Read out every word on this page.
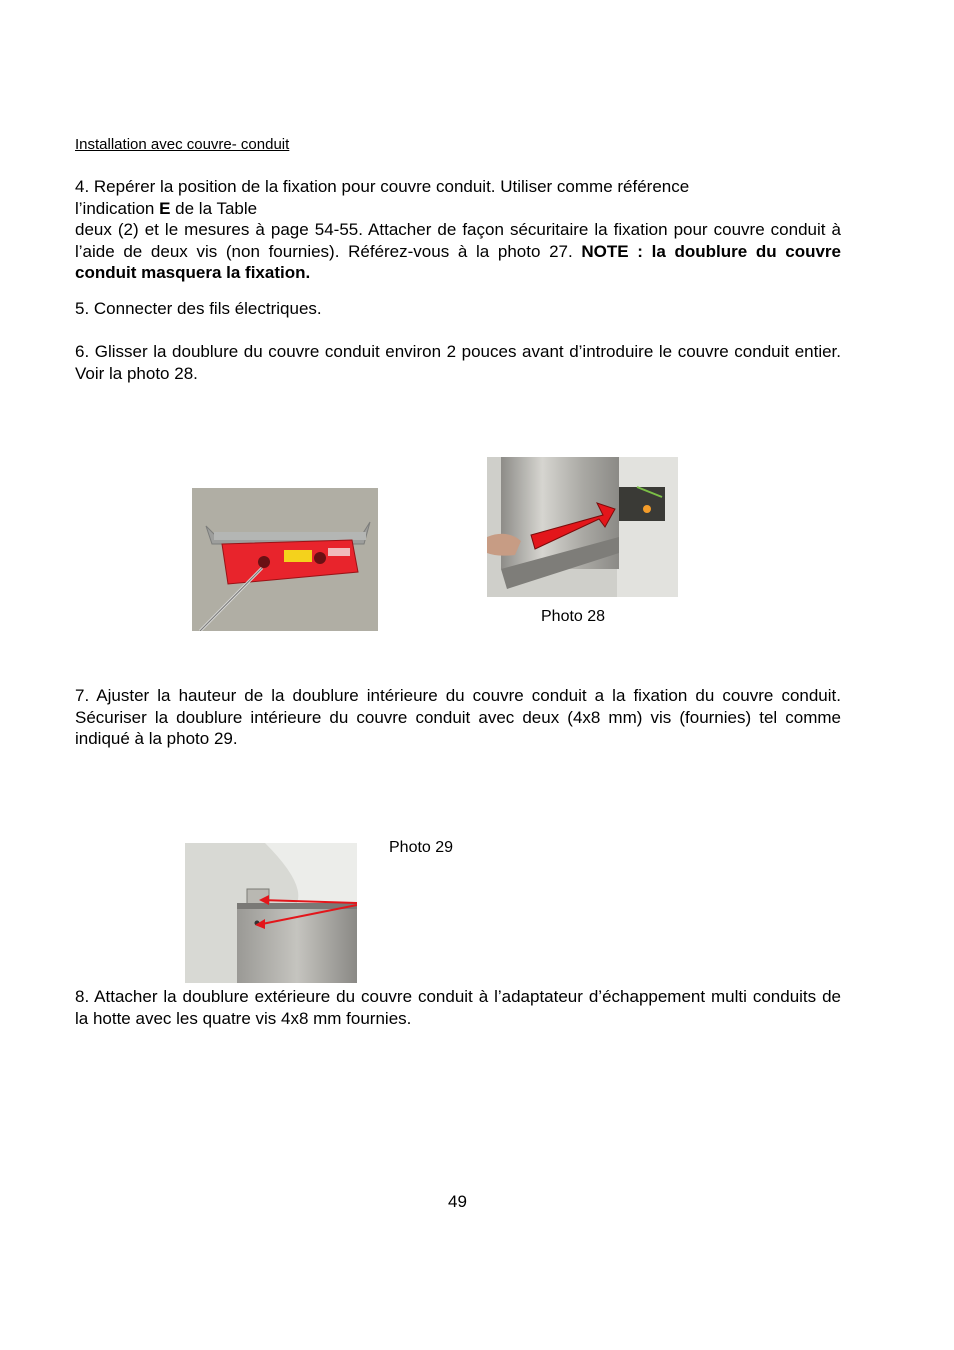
Installation avec couvre- conduit

4. Repérer la position de la fixation pour couvre conduit. Utiliser comme référence
l’indication E de la Table
deux (2) et le mesures à page 54-55. Attacher de façon sécuritaire la fixation pour couvre conduit à l’aide de deux vis (non fournies). Référez-vous à la photo 27. NOTE : la doublure du couvre conduit masquera la fixation.

5. Connecter des fils électriques.

6. Glisser la doublure du couvre conduit environ 2 pouces avant d’introduire le couvre conduit entier. Voir la photo 28.

Photo 28

7. Ajuster la hauteur de la doublure intérieure du couvre conduit a la fixation du couvre conduit. Sécuriser la doublure intérieure du couvre conduit avec deux (4x8 mm) vis (fournies) tel comme indiqué à la photo 29.

Photo 29

8. Attacher la doublure extérieure du couvre conduit à l’adaptateur d’échappement multi conduits de la hotte avec les quatre vis 4x8 mm fournies.

49
